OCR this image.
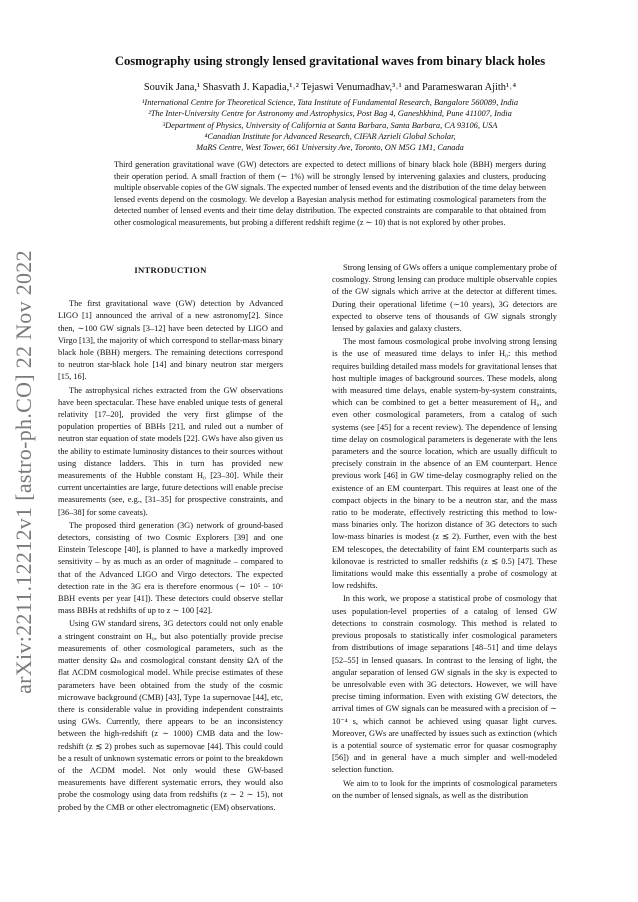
arXiv:2211.12212v1 [astro-ph.CO] 22 Nov 2022
Cosmography using strongly lensed gravitational waves from binary black holes
Souvik Jana,¹ Shasvath J. Kapadia,¹˒² Tejaswi Venumadhav,³˒¹ and Parameswaran Ajith¹˒⁴
¹International Centre for Theoretical Science, Tata Institute of Fundamental Research, Bangalore 560089, India
²The Inter-University Centre for Astronomy and Astrophysics, Post Bag 4, Ganeshkhind, Pune 411007, India
³Department of Physics, University of California at Santa Barbara, Santa Barbara, CA 93106, USA
⁴Canadian Institute for Advanced Research, CIFAR Azrieli Global Scholar,
MaRS Centre, West Tower, 661 University Ave, Toronto, ON M5G 1M1, Canada
Third generation gravitational wave (GW) detectors are expected to detect millions of binary black hole (BBH) mergers during their operation period. A small fraction of them (∼ 1%) will be strongly lensed by intervening galaxies and clusters, producing multiple observable copies of the GW signals. The expected number of lensed events and the distribution of the time delay between lensed events depend on the cosmology. We develop a Bayesian analysis method for estimating cosmological parameters from the detected number of lensed events and their time delay distribution. The expected constraints are comparable to that obtained from other cosmological measurements, but probing a different redshift regime (z ∼ 10) that is not explored by other probes.
INTRODUCTION

The first gravitational wave (GW) detection by Advanced LIGO [1] announced the arrival of a new astronomy[2]. Since then, ∼100 GW signals [3–12] have been detected by LIGO and Virgo [13], the majority of which correspond to stellar-mass binary black hole (BBH) mergers. The remaining detections correspond to neutron star-black hole [14] and binary neutron star mergers [15, 16].

The astrophysical riches extracted from the GW observations have been spectacular. These have enabled unique tests of general relativity [17–20], provided the very first glimpse of the population properties of BBHs [21], and ruled out a number of neutron star equation of state models [22]. GWs have also given us the ability to estimate luminosity distances to their sources without using distance ladders. This in turn has provided new measurements of the Hubble constant H₀ [23–30]. While their current uncertainties are large, future detections will enable precise measurements (see, e.g., [31–35] for prospective constraints, and [36–38] for some caveats).

The proposed third generation (3G) network of ground-based detectors, consisting of two Cosmic Explorers [39] and one Einstein Telescope [40], is planned to have a markedly improved sensitivity – by as much as an order of magnitude – compared to that of the Advanced LIGO and Virgo detectors. The expected detection rate in the 3G era is therefore enormous (∼ 10⁵ − 10⁶ BBH events per year [41]). These detectors could observe stellar mass BBHs at redshifts of up to z ∼ 100 [42].

Using GW standard sirens, 3G detectors could not only enable a stringent constraint on H₀, but also potentially provide precise measurements of other cosmological parameters, such as the matter density Ωₘ and cosmological constant density ΩΛ of the flat ΛCDM cosmological model. While precise estimates of these parameters have been obtained from the study of the cosmic microwave background (CMB) [43], Type 1a supernovae [44], etc, there is considerable value in providing independent constraints using GWs. Currently, there appears to be an inconsistency between the high-redshift (z ∼ 1000) CMB data and the low-redshift (z ≲ 2) probes such as supernovae [44]. This could could be a result of unknown systematic errors or point to the breakdown of the ΛCDM model. Not only would these GW-based measurements have different systematic errors, they would also probe the cosmology using data from redshifts (z ∼ 2 ∼ 15), not probed by the CMB or other electromagnetic (EM) observations.

Strong lensing of GWs offers a unique complementary probe of cosmology. Strong lensing can produce multiple observable copies of the GW signals which arrive at the detector at different times. During their operational lifetime (∼10 years), 3G detectors are expected to observe tens of thousands of GW signals strongly lensed by galaxies and galaxy clusters.

The most famous cosmological probe involving strong lensing is the use of measured time delays to infer H₀: this method requires building detailed mass models for gravitational lenses that host multiple images of background sources. These models, along with measured time delays, enable system-by-system constraints, which can be combined to get a better measurement of H₀, and even other cosmological parameters, from a catalog of such systems (see [45] for a recent review). The dependence of lensing time delay on cosmological parameters is degenerate with the lens parameters and the source location, which are usually difficult to precisely constrain in the absence of an EM counterpart. Hence previous work [46] in GW time-delay cosmography relied on the existence of an EM counterpart. This requires at least one of the compact objects in the binary to be a neutron star, and the mass ratio to be moderate, effectively restricting this method to low-mass binaries only. The horizon distance of 3G detectors to such low-mass binaries is modest (z ≲ 2). Further, even with the best EM telescopes, the detectability of faint EM counterparts such as kilonovae is restricted to smaller redshifts (z ≲ 0.5) [47]. These limitations would make this essentially a probe of cosmology at low redshifts.

In this work, we propose a statistical probe of cosmology that uses population-level properties of a catalog of lensed GW detections to constrain cosmology. This method is related to previous proposals to statistically infer cosmological parameters from distributions of image separations [48–51] and time delays [52–55] in lensed quasars. In contrast to the lensing of light, the angular separation of lensed GW signals in the sky is expected to be unresolvable even with 3G detectors. However, we will have precise timing information. Even with existing GW detectors, the arrival times of GW signals can be measured with a precision of ∼ 10⁻⁴ s, which cannot be achieved using quasar light curves. Moreover, GWs are unaffected by issues such as extinction (which is a potential source of systematic error for quasar cosmography [56]) and in general have a much simpler and well-modeled selection function.

We aim to to look for the imprints of cosmological parameters on the number of lensed signals, as well as the distribution
